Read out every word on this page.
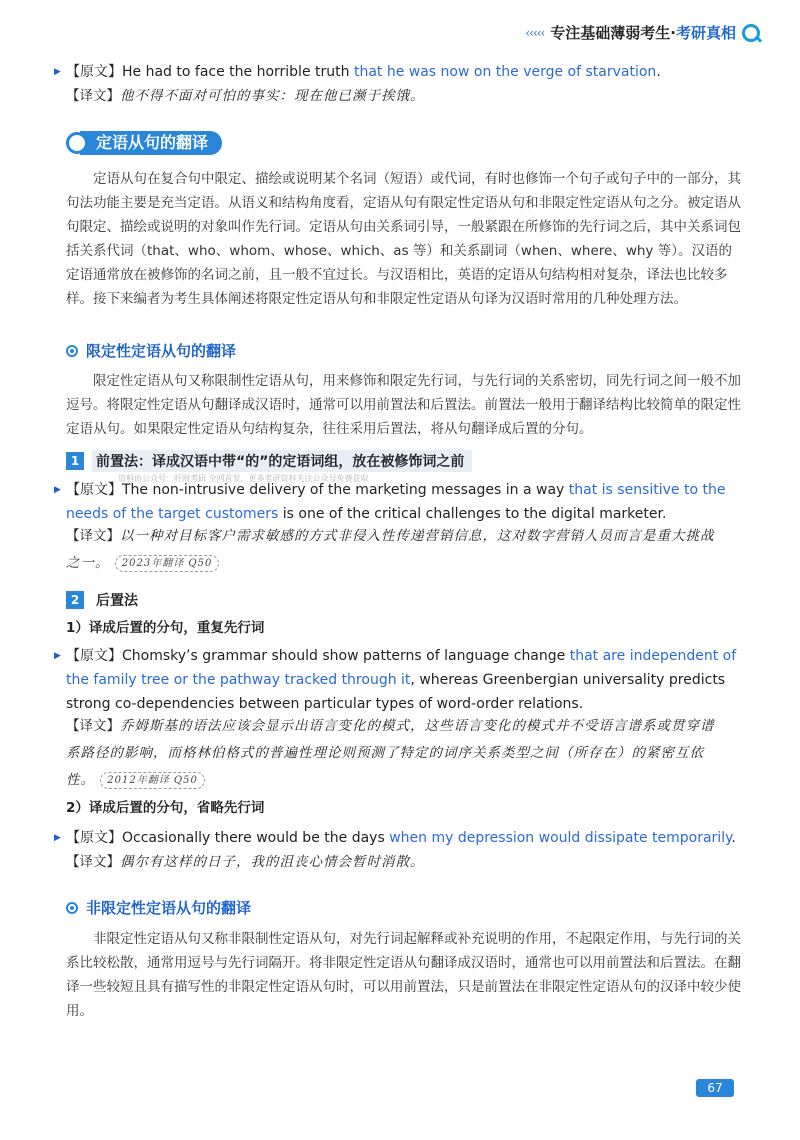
‹‹‹‹‹ 专注基础薄弱考生·考研真相
▶ 【原文】He had to face the horrible truth that he was now on the verge of starvation.
【译文】他不得不面对可怕的事实：现在他已濒于挨饿。
定语从句的翻译
定语从句在复合句中限定、描绘或说明某个名词（短语）或代词，有时也修饰一个句子或句子中的一部分，其句法功能主要是充当定语。从语义和结构角度看，定语从句有限定性定语从句和非限定性定语从句之分。被定语从句限定、描绘或说明的对象叫作先行词。定语从句由关系词引导，一般紧跟在所修饰的先行词之后，其中关系词包括关系代词（that、who、whom、whose、which、as 等）和关系副词（when、where、why 等）。汉语的定语通常放在被修饰的名词之前，且一般不宜过长。与汉语相比，英语的定语从句结构相对复杂，译法也比较多样。接下来编者为考生具体阐述将限定性定语从句和非限定性定语从句译为汉语时常用的几种处理方法。
限定性定语从句的翻译
限定性定语从句又称限制性定语从句，用来修饰和限定先行词，与先行词的关系密切，同先行词之间一般不加逗号。将限定性定语从句翻译成汉语时，通常可以用前置法和后置法。前置法一般用于翻译结构比较简单的限定性定语从句。如果限定性定语从句结构复杂，往往采用后置法，将从句翻译成后置的分句。
1	前置法：译成汉语中带“的”的定语词组，放在被修饰词之前
资料由公众号：旺财考研 全网首发，更多考研资料关注公众号免费获取
▶ 【原文】The non-intrusive delivery of the marketing messages in a way that is sensitive to the needs of the target customers is one of the critical challenges to the digital marketer.
【译文】以一种对目标客户需求敏感的方式非侵入性传递营销信息，这对数字营销人员而言是重大挑战之一。 2023年翻译 Q50
2	后置法
1）译成后置的分句，重复先行词
▶ 【原文】Chomsky’s grammar should show patterns of language change that are independent of the family tree or the pathway tracked through it, whereas Greenbergian universality predicts strong co-dependencies between particular types of word-order relations.
【译文】乔姆斯基的语法应该会显示出语言变化的模式，这些语言变化的模式并不受语言谱系或贯穿谱系路径的影响，而格林伯格式的普遍性理论则预测了特定的词序关系类型之间（所存在）的紧密互依性。 2012年翻译 Q50
2）译成后置的分句，省略先行词
▶ 【原文】Occasionally there would be the days when my depression would dissipate temporarily.
【译文】偶尔有这样的日子，我的沮丧心情会暂时消散。
非限定性定语从句的翻译
非限定性定语从句又称非限制性定语从句，对先行词起解释或补充说明的作用，不起限定作用，与先行词的关系比较松散，通常用逗号与先行词隔开。将非限定性定语从句翻译成汉语时，通常也可以用前置法和后置法。在翻译一些较短且具有描写性的非限定性定语从句时，可以用前置法，只是前置法在非限定性定语从句的汉译中较少使用。
67
